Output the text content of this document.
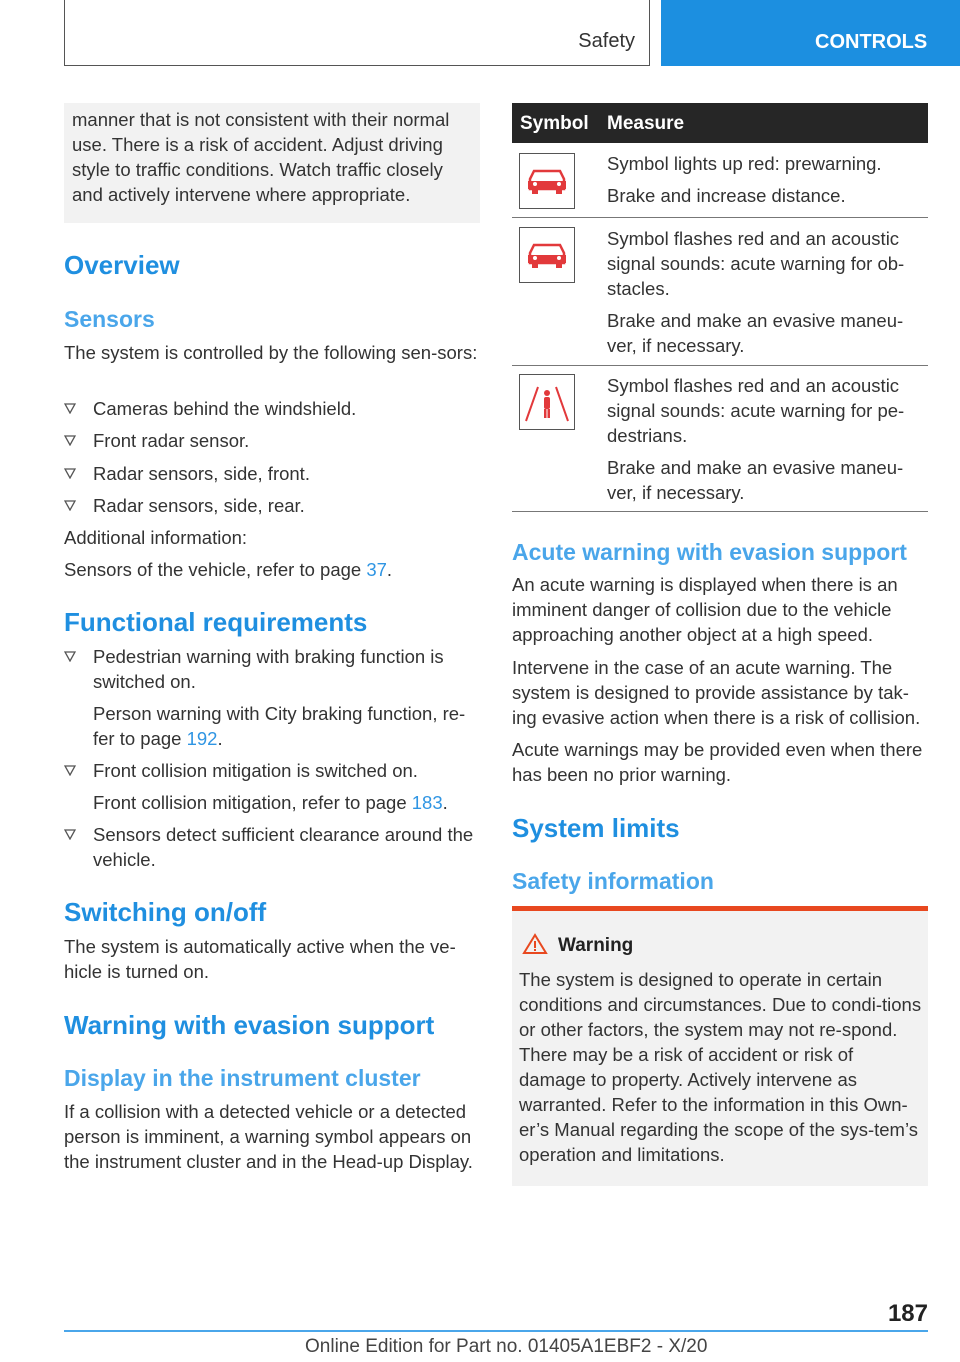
Safety	CONTROLS
manner that is not consistent with their normal use. There is a risk of accident. Adjust driving style to traffic conditions. Watch traffic closely and actively intervene where appropriate.
Overview
Sensors
The system is controlled by the following sen‐sors:
Cameras behind the windshield.
Front radar sensor.
Radar sensors, side, front.
Radar sensors, side, rear.
Additional information:
Sensors of the vehicle, refer to page 37.
Functional requirements
Pedestrian warning with braking function is switched on.
Person warning with City braking function, re‐fer to page 192.
Front collision mitigation is switched on.
Front collision mitigation, refer to page 183.
Sensors detect sufficient clearance around the vehicle.
Switching on/off
The system is automatically active when the ve‐hicle is turned on.
Warning with evasion support
Display in the instrument cluster
If a collision with a detected vehicle or a detected person is imminent, a warning symbol appears on the instrument cluster and in the Head-up Display.
Symbol Measure
Symbol lights up red: prewarning.
Brake and increase distance.
Symbol flashes red and an acoustic signal sounds: acute warning for ob‐stacles.
Brake and make an evasive maneu‐ver, if necessary.
Symbol flashes red and an acoustic signal sounds: acute warning for pe‐destrians.
Brake and make an evasive maneu‐ver, if necessary.
Acute warning with evasion support
An acute warning is displayed when there is an imminent danger of collision due to the vehicle approaching another object at a high speed.
Intervene in the case of an acute warning. The system is designed to provide assistance by tak‐ing evasive action when there is a risk of collision.
Acute warnings may be provided even when there has been no prior warning.
System limits
Safety information
Warning
The system is designed to operate in certain conditions and circumstances. Due to condi‐tions or other factors, the system may not re‐spond. There may be a risk of accident or risk of damage to property. Actively intervene as warranted. Refer to the information in this Own‐er’s Manual regarding the scope of the sys‐tem’s operation and limitations.
187
Online Edition for Part no. 01405A1EBF2 - X/20
